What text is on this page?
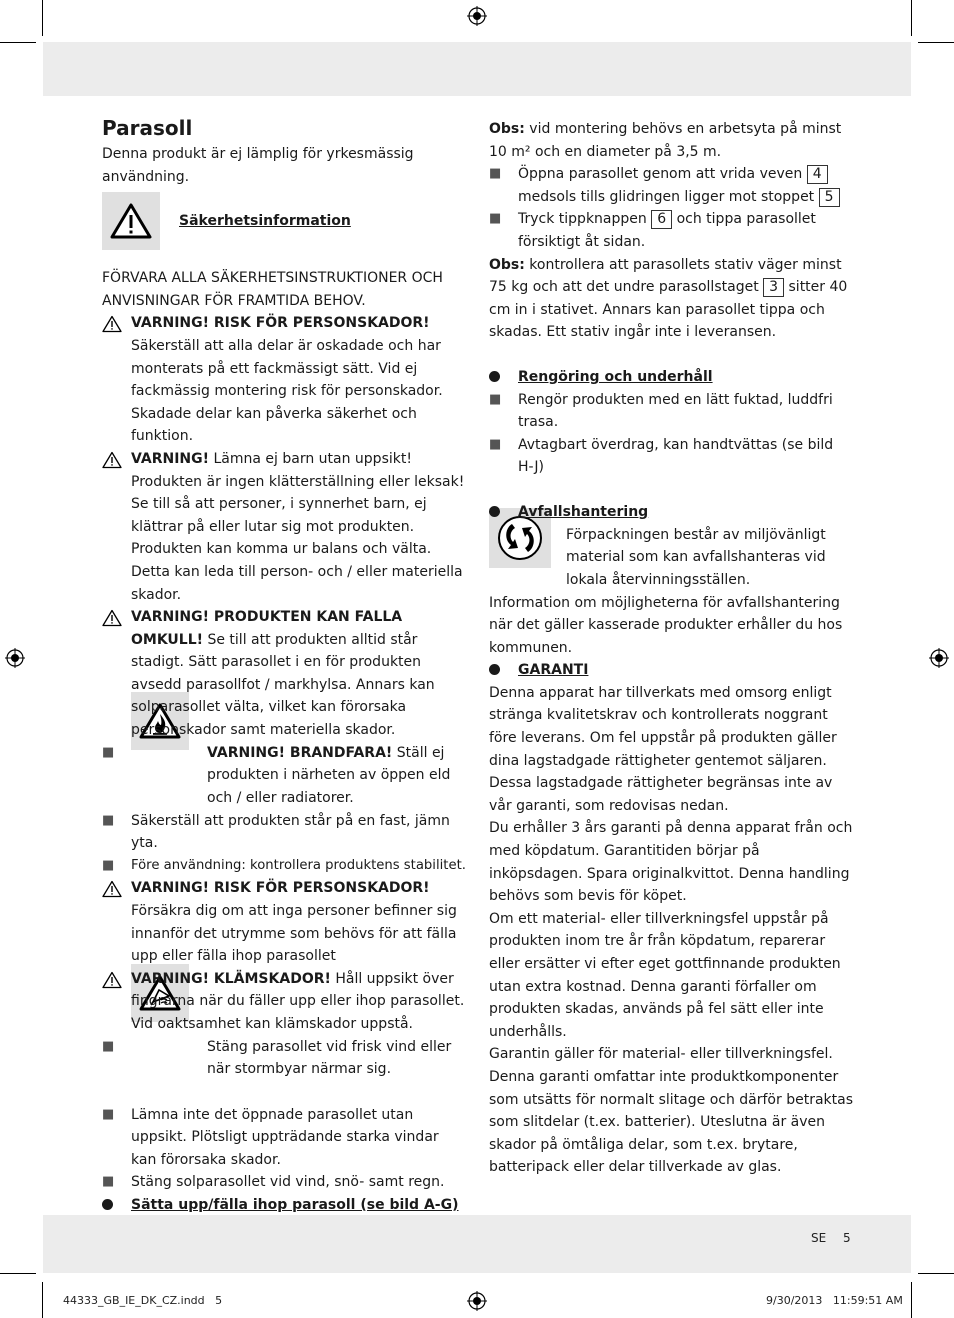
Parasoll

Denna produkt är ej lämplig för yrkesmässig användning.

Säkerhetsinformation

FÖRVARA ALLA SÄKERHETSINSTRUKTIONER OCH ANVISNINGAR FÖR FRAMTIDA BEHOV.

VARNING! RISK FÖR PERSONSKADOR!
Säkerställ att alla delar är oskadade och har monterats på ett fackmässigt sätt. Vid ej fackmässig montering risk för personskador. Skadade delar kan påverka säkerhet och funktion.

VARNING! Lämna ej barn utan uppsikt! Produkten är ingen klätterställning eller leksak! Se till så att personer, i synnerhet barn, ej klättrar på eller lutar sig mot produkten. Produkten kan komma ur balans och välta. Detta kan leda till person- och / eller materiella skador.

VARNING! PRODUKTEN KAN FALLA OMKULL! Se till att produkten alltid står stadigt. Sätt parasollet i en för produkten avsedd parasollfot / markhylsa. Annars kan solparasollet välta, vilket kan förorsaka personskador samt materiella skador.

■	VARNING! BRANDFARA! Ställ ej produkten i närheten av öppen eld och / eller radiatorer.

■ Säkerställ att produkten står på en fast, jämn yta.

■ Före användning: kontrollera produktens stabilitet.

VARNING! RISK FÖR PERSONSKADOR!
Försäkra dig om att inga personer befinner sig innanför det utrymme som behövs för att fälla upp eller fälla ihop parasollet

VARNING! KLÄMSKADOR! Håll uppsikt över fingrarna när du fäller upp eller ihop parasollet. Vid oaktsamhet kan klämskador uppstå.

■	Stäng parasollet vid frisk vind eller när stormbyar närmar sig.

■ Lämna inte det öppnade parasollet utan uppsikt. Plötsligt uppträdande starka vindar kan förorsaka skador.

■ Stäng solparasollet vid vind, snö- samt regn.

Sätta upp/fälla ihop parasoll (se bild A-G)

Obs: vid montering behövs en arbetsyta på minst 10 m² och en diameter på 3,5 m.

■ Öppna parasollet genom att vrida veven 4 medsols tills glidringen ligger mot stoppet 5

■ Tryck tippknappen 6 och tippa parasollet försiktigt åt sidan.

Obs: kontrollera att parasollets stativ väger minst 75 kg och att det undre parasollstaget 3 sitter 40 cm in i stativet. Annars kan parasollet tippa och skadas. Ett stativ ingår inte i leveransen.

Rengöring och underhåll

■ Rengör produkten med en lätt fuktad, luddfri trasa.

■ Avtagbart överdrag, kan handtvättas (se bild H-J)

Avfallshantering

Förpackningen består av miljövänligt material som kan avfallshanteras vid lokala återvinningsställen.

Information om möjligheterna för avfallshantering när det gäller kasserade produkter erhåller du hos kommunen.

GARANTI

Denna apparat har tillverkats med omsorg enligt stränga kvalitetskrav och kontrollerats noggrant före leverans. Om fel uppstår på produkten gäller dina lagstadgade rättigheter gentemot säljaren. Dessa lagstadgade rättigheter begränsas inte av vår garanti, som redovisas nedan.

Du erhåller 3 års garanti på denna apparat från och med köpdatum. Garantitiden börjar på inköpsdagen. Spara originalkvittot. Denna handling behövs som bevis för köpet.

Om ett material- eller tillverkningsfel uppstår på produkten inom tre år från köpdatum, reparerar eller ersätter vi efter eget gottfinnande produkten utan extra kostnad. Denna garanti förfaller om produkten skadas, används på fel sätt eller inte underhålls.

Garantin gäller för material- eller tillverkningsfel. Denna garanti omfattar inte produktkomponenter som utsätts för normalt slitage och därför betraktas som slitdelar (t.ex. batterier). Uteslutna är även skador på ömtåliga delar, som t.ex. brytare, batteripack eller delar tillverkade av glas.

SE 5
44333_GB_IE_DK_CZ.indd   5	9/30/2013   11:59:51 AM
